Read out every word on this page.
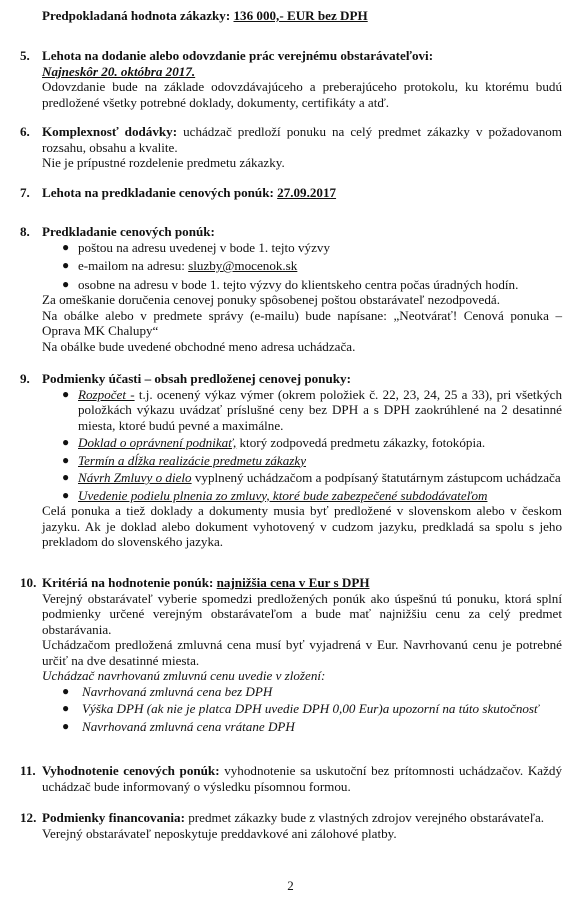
Predpokladaná hodnota zákazky: 136 000,- EUR bez DPH
5. Lehota na dodanie alebo odovzdanie prác verejnému obstarávateľovi:
Najneskôr 20. októbra 2017.
Odovzdanie bude na základe odovzdávajúceho a preberajúceho protokolu, ku ktorému budú predložené všetky potrebné doklady, dokumenty, certifikáty a atď.
6. Komplexnosť dodávky: uchádzač predloží ponuku na celý predmet zákazky v požadovanom rozsahu, obsahu a kvalite.
Nie je prípustné rozdelenie predmetu zákazky.
7. Lehota na predkladanie cenových ponúk: 27.09.2017
8. Predkladanie cenových ponúk:
● poštou na adresu uvedenej v bode 1. tejto výzvy
● e-mailom na adresu: sluzby@mocenok.sk
● osobne na adresu v bode 1. tejto výzvy do klientskeho centra počas úradných hodín.
Za omeškanie doručenia cenovej ponuky spôsobenej poštou obstarávateľ nezodpovedá.
Na obálke alebo v predmete správy (e-mailu) bude napísane: „Neotvárať! Cenová ponuka – Oprava MK Chalupy“
Na obálke bude uvedené obchodné meno adresa uchádzača.
9. Podmienky účasti – obsah predloženej cenovej ponuky:
● Rozpočet - t.j. ocenený výkaz výmer (okrem položiek č. 22, 23, 24, 25 a 33), pri všetkých položkách výkazu uvádzať príslušné ceny bez DPH a s DPH zaokrúhlené na 2 desatinné miesta, ktoré budú pevné a maximálne.
● Doklad o oprávnení podnikať, ktorý zodpovedá predmetu zákazky, fotokópia.
● Termín a dĺžka realizácie predmetu zákazky
● Návrh Zmluvy o dielo vyplnený uchádzačom a podpísaný štatutárnym zástupcom uchádzača
● Uvedenie podielu plnenia zo zmluvy, ktoré bude zabezpečené subdodávateľom
Celá ponuka a tiež doklady a dokumenty musia byť predložené v slovenskom alebo v českom jazyku. Ak je doklad alebo dokument vyhotovený v cudzom jazyku, predkladá sa spolu s jeho prekladom do slovenského jazyka.
10. Kritériá na hodnotenie ponúk: najnižšia cena v Eur s DPH
Verejný obstarávateľ vyberie spomedzi predložených ponúk ako úspešnú tú ponuku, ktorá splní podmienky určené verejným obstarávateľom a bude mať najnižšiu cenu za celý predmet obstarávania.
Uchádzačom predložená zmluvná cena musí byť vyjadrená v Eur. Navrhovanú cenu je potrebné určiť na dve desatinné miesta.
Uchádzač navrhovanú zmluvnú cenu uvedie v zložení:
● Navrhovaná zmluvná cena bez DPH
● Výška DPH (ak nie je platca DPH uvedie DPH 0,00 Eur)a upozorní na túto skutočnosť
● Navrhovaná zmluvná cena vrátane DPH
11. Vyhodnotenie cenových ponúk: vyhodnotenie sa uskutoční bez prítomnosti uchádzačov. Každý uchádzač bude informovaný o výsledku písomnou formou.
12. Podmienky financovania: predmet zákazky bude z vlastných zdrojov verejného obstarávateľa.
Verejný obstarávateľ neposkytuje preddavkové ani zálohové platby.
2
